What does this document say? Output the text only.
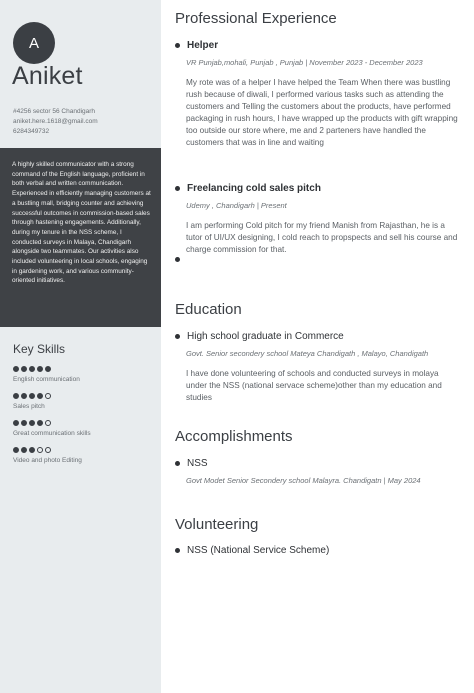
A
Aniket
#4256 sector 56 Chandigarh
aniket.here.1618@gmail.com
6284349732
A highly skilled communicator with a strong command of the English language, proficient in both verbal and written communication. Experienced in efficiently managing customers at a bustling mall, bridging counter and achieving successful outcomes in commission-based sales through hastening engagements. Additionally, during my tenure in the NSS scheme, I conducted surveys in Malaya, Chandigarh alongside two teammates. Our activities also included volunteering in local schools, engaging in gardening work, and various community-oriented initiatives.
Key Skills
English communication
Sales pitch
Great communication skills
Video and photo Editing
Professional Experience
Helper
VR Punjab,mohali, Punjab , Punjab | November 2023 - December 2023
My rote was of a helper I have helped the Team When there was bustling rush because of diwali, I performed various tasks such as attending the customers and Telling the customers about the products, have performed packaging in rush hours, I have wrapped up the products with gift wrapping too outside our store where, me and 2 parteners have handled the customers that was in line and waiting
Freelancing cold sales pitch
Udemy , Chandigarh | Present
I am performing Cold pitch for my friend Manish from Rajasthan, he is a tutor of UI/UX designing, I cold reach to propspects and sell his course and charge commission for that.
Education
High school graduate in Commerce
Govt. Senior secondery school Mateya Chandigath , Malayo, Chandigath
I have done volunteering of schools and conducted surveys in molaya under the NSS (national servace scheme)other than my education and studies
Accomplishments
NSS
Govt Modet Senior Secondery school Malayra. Chandigatn | May 2024
Volunteering
NSS (National Service Scheme)
